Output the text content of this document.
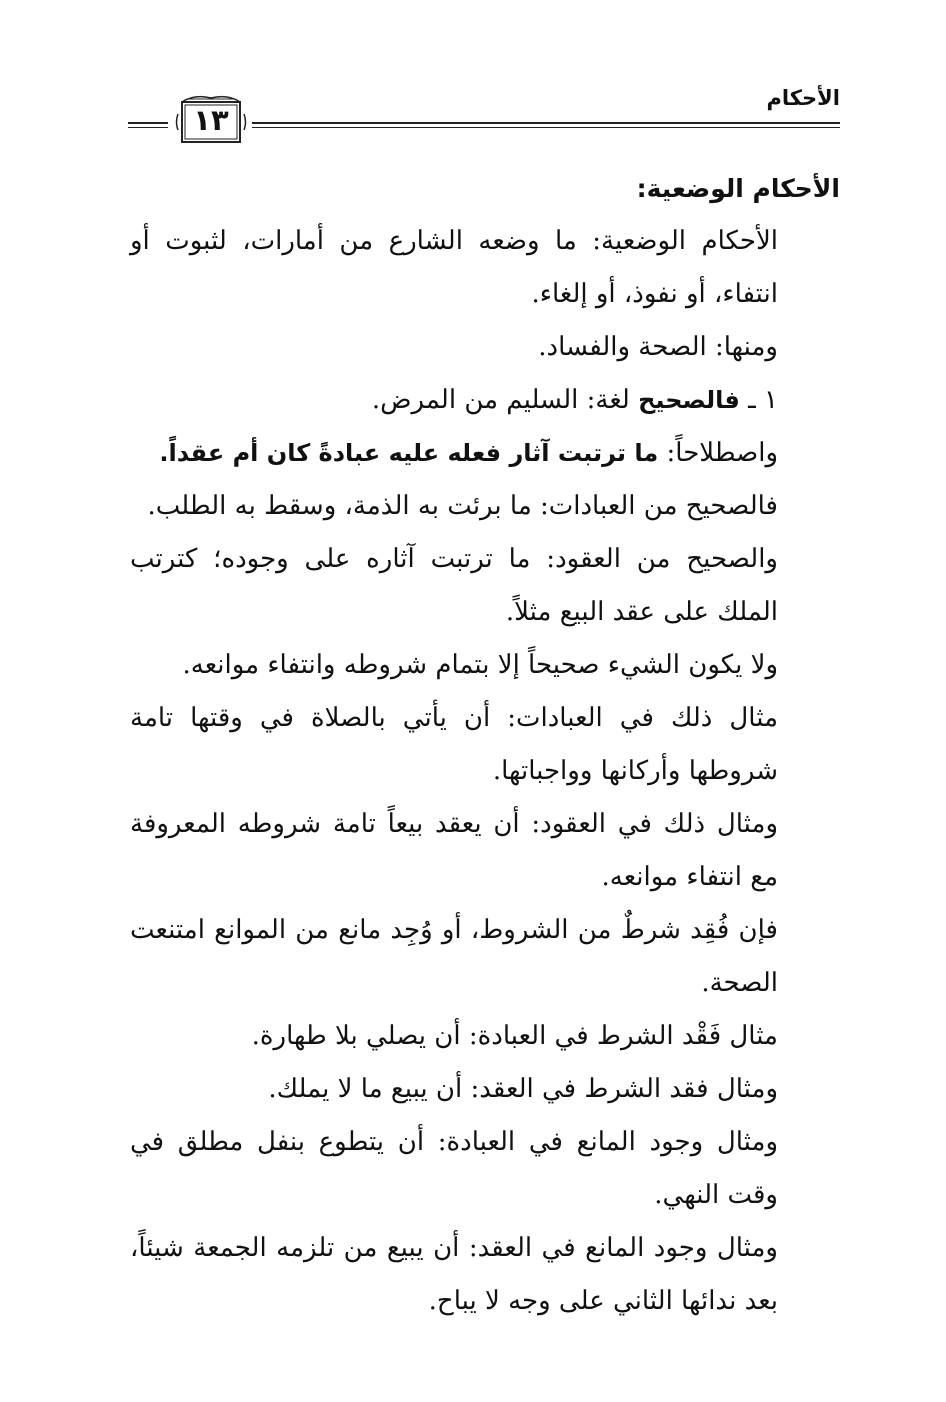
الأحكام
١٣

الأحكام الوضعية:

الأحكام الوضعية: ما وضعه الشارع من أمارات، لثبوت أو انتفاء، أو نفوذ، أو إلغاء.

ومنها: الصحة والفساد.

١ ـ فالصحيح لغة: السليم من المرض.

واصطلاحاً: ما ترتبت آثار فعله عليه عبادةً كان أم عقداً.

فالصحيح من العبادات: ما برئت به الذمة، وسقط به الطلب.

والصحيح من العقود: ما ترتبت آثاره على وجوده؛ كترتب الملك على عقد البيع مثلاً.

ولا يكون الشيء صحيحاً إلا بتمام شروطه وانتفاء موانعه.

مثال ذلك في العبادات: أن يأتي بالصلاة في وقتها تامة شروطها وأركانها وواجباتها.

ومثال ذلك في العقود: أن يعقد بيعاً تامة شروطه المعروفة مع انتفاء موانعه.

فإن فُقِد شرطٌ من الشروط، أو وُجِد مانع من الموانع امتنعت الصحة.

مثال فَقْد الشرط في العبادة: أن يصلي بلا طهارة.

ومثال فقد الشرط في العقد: أن يبيع ما لا يملك.

ومثال وجود المانع في العبادة: أن يتطوع بنفل مطلق في وقت النهي.

ومثال وجود المانع في العقد: أن يبيع من تلزمه الجمعة شيئاً، بعد ندائها الثاني على وجه لا يباح.
